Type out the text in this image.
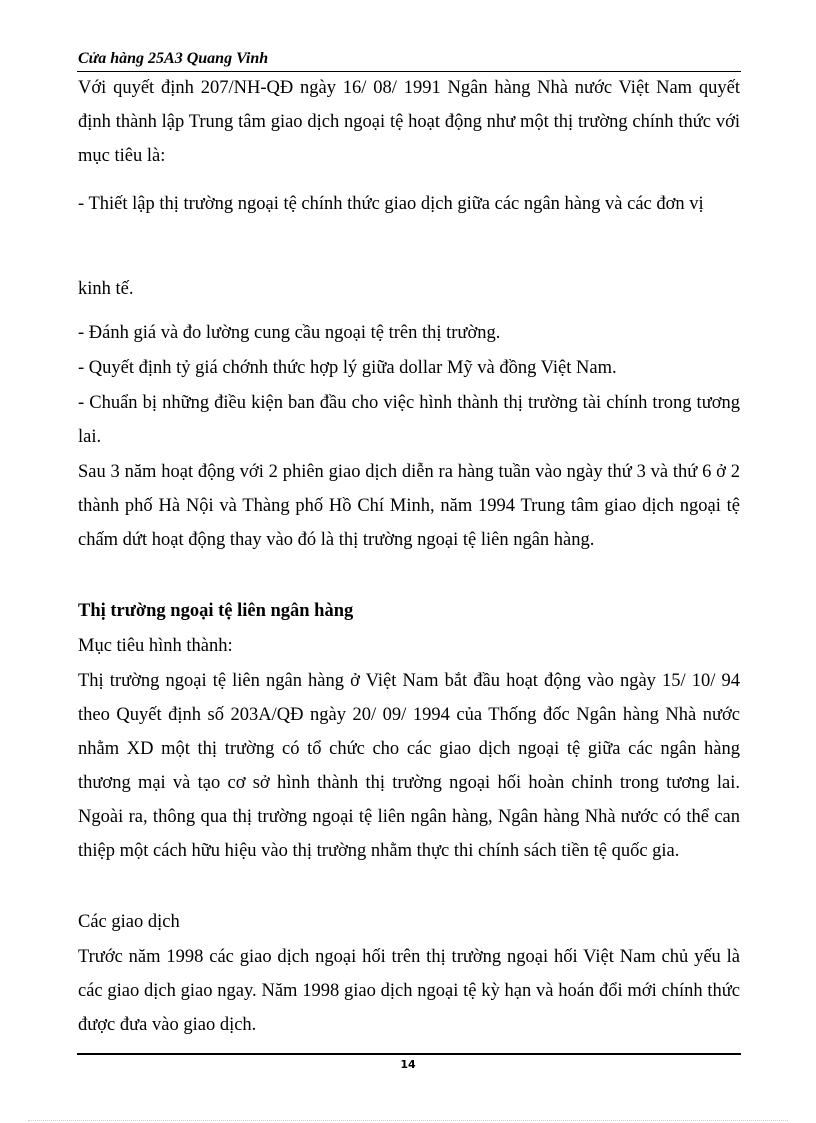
Cửa hàng 25A3 Quang Vinh

Với quyết định 207/NH-QĐ ngày 16/ 08/ 1991 Ngân hàng Nhà nước Việt Nam quyết định thành lập Trung tâm giao dịch ngoại tệ hoạt động như một thị trường chính thức với mục tiêu là:

- Thiết lập thị trường ngoại tệ chính thức giao dịch giữa các ngân hàng và các đơn vị

kinh tế.
- Đánh giá và đo lường cung cầu ngoại tệ trên thị trường.
- Quyết định tỷ giá chớnh thức hợp lý giữa dollar Mỹ và đồng Việt Nam.

- Chuẩn bị những điều kiện ban đầu cho việc hình thành thị trường tài chính trong tương lai.

Sau 3 năm hoạt động với 2 phiên giao dịch diễn ra hàng tuần vào ngày thứ 3 và thứ 6 ở 2 thành phố Hà Nội và Thàng phố Hồ Chí Minh, năm 1994 Trung tâm giao dịch ngoại tệ chấm dứt hoạt động thay vào đó là thị trường ngoại tệ liên ngân hàng.

Thị trường ngoại tệ liên ngân hàng
Mục tiêu hình thành:

Thị trường ngoại tệ liên ngân hàng ở Việt Nam bắt đầu hoạt động vào ngày 15/ 10/ 94 theo Quyết định số 203A/QĐ ngày 20/ 09/ 1994 của Thống đốc Ngân hàng Nhà nước nhằm XD một thị trường có tổ chức cho các giao dịch ngoại tệ giữa các ngân hàng thương mại và tạo cơ sở hình thành thị trường ngoại hối hoàn chỉnh trong tương lai. Ngoài ra, thông qua thị trường ngoại tệ liên ngân hàng, Ngân hàng Nhà nước có thể can thiệp một cách hữu hiệu vào thị trường nhằm thực thi chính sách tiền tệ quốc gia.

Các giao dịch

Trước năm 1998 các giao dịch ngoại hối trên thị trường ngoại hối Việt Nam chủ yếu là các giao dịch giao ngay. Năm 1998 giao dịch ngoại tệ kỳ hạn và hoán đổi mới chính thức được đưa vào giao dịch.

14
